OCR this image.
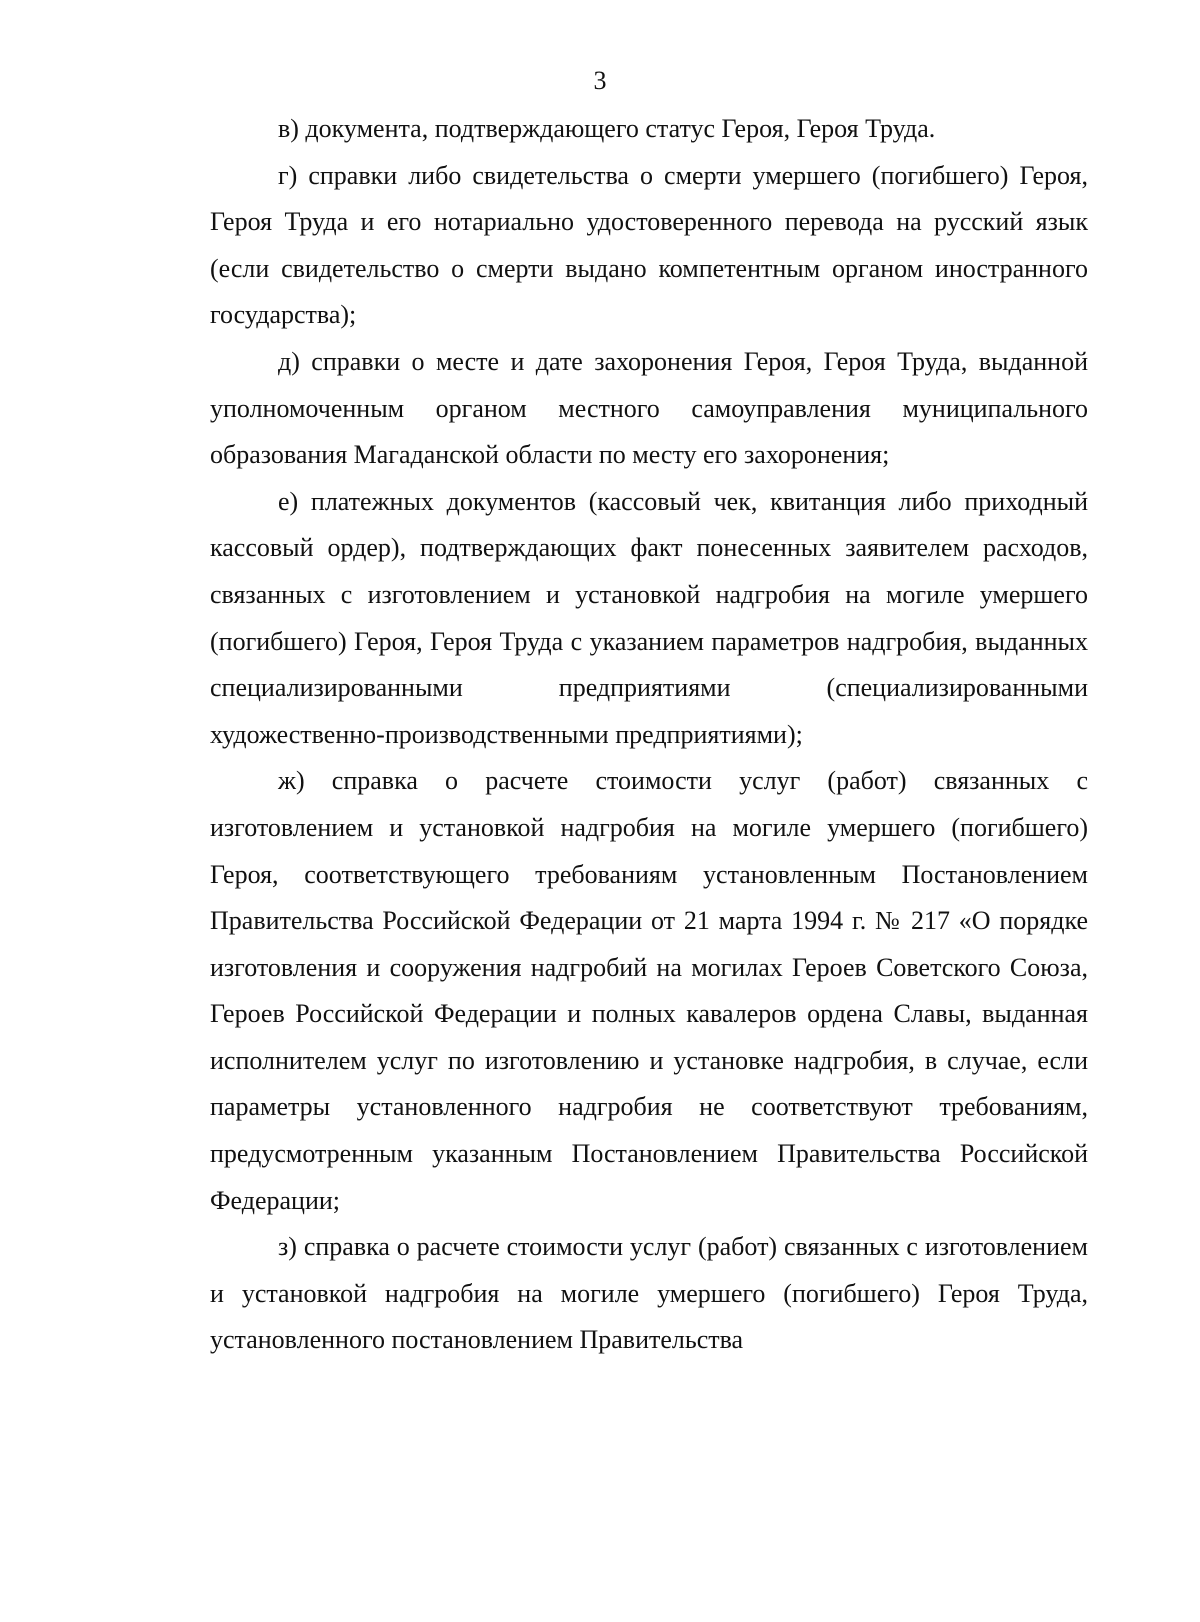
3

в) документа, подтверждающего статус Героя, Героя Труда.

г) справки либо свидетельства о смерти умершего (погибшего) Героя, Героя Труда и его нотариально удостоверенного перевода на русский язык (если свидетельство о смерти выдано компетентным органом иностранного государства);

д) справки о месте и дате захоронения Героя, Героя Труда, выданной уполномоченным органом местного самоуправления муниципального образования Магаданской области по месту его захоронения;

е) платежных документов (кассовый чек, квитанция либо приходный кассовый ордер), подтверждающих факт понесенных заявителем расходов, связанных с изготовлением и установкой надгробия на могиле умершего (погибшего) Героя, Героя Труда с указанием параметров надгробия, выданных специализированными предприятиями (специализированными художественно-производственными предприятиями);

ж) справка о расчете стоимости услуг (работ) связанных с изготовлением и установкой надгробия на могиле умершего (погибшего) Героя, соответствующего требованиям установленным Постановлением Правительства Российской Федерации от 21 марта 1994 г. № 217 «О порядке изготовления и сооружения надгробий на могилах Героев Советского Союза, Героев Российской Федерации и полных кавалеров ордена Славы, выданная исполнителем услуг по изготовлению и установке надгробия, в случае, если параметры установленного надгробия не соответствуют требованиям, предусмотренным указанным Постановлением Правительства Российской Федерации;

з) справка о расчете стоимости услуг (работ) связанных с изготовлением и установкой надгробия на могиле умершего (погибшего) Героя Труда, установленного постановлением Правительства
